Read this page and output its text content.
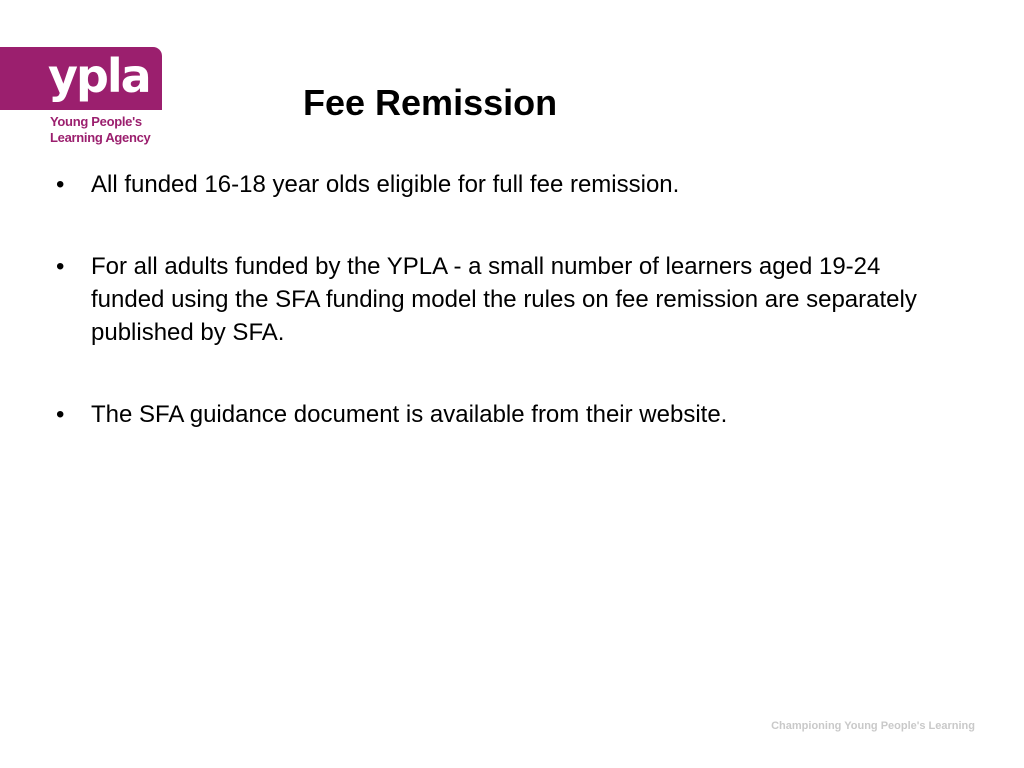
ypla
Young People's
Learning Agency
Fee Remission
• All funded 16-18 year olds eligible for full fee remission.
• For all adults funded by the YPLA - a small number of learners aged 19-24 funded using the SFA funding model the rules on fee remission are separately published by SFA.
• The SFA guidance document is available from their website.
Championing Young People's Learning
